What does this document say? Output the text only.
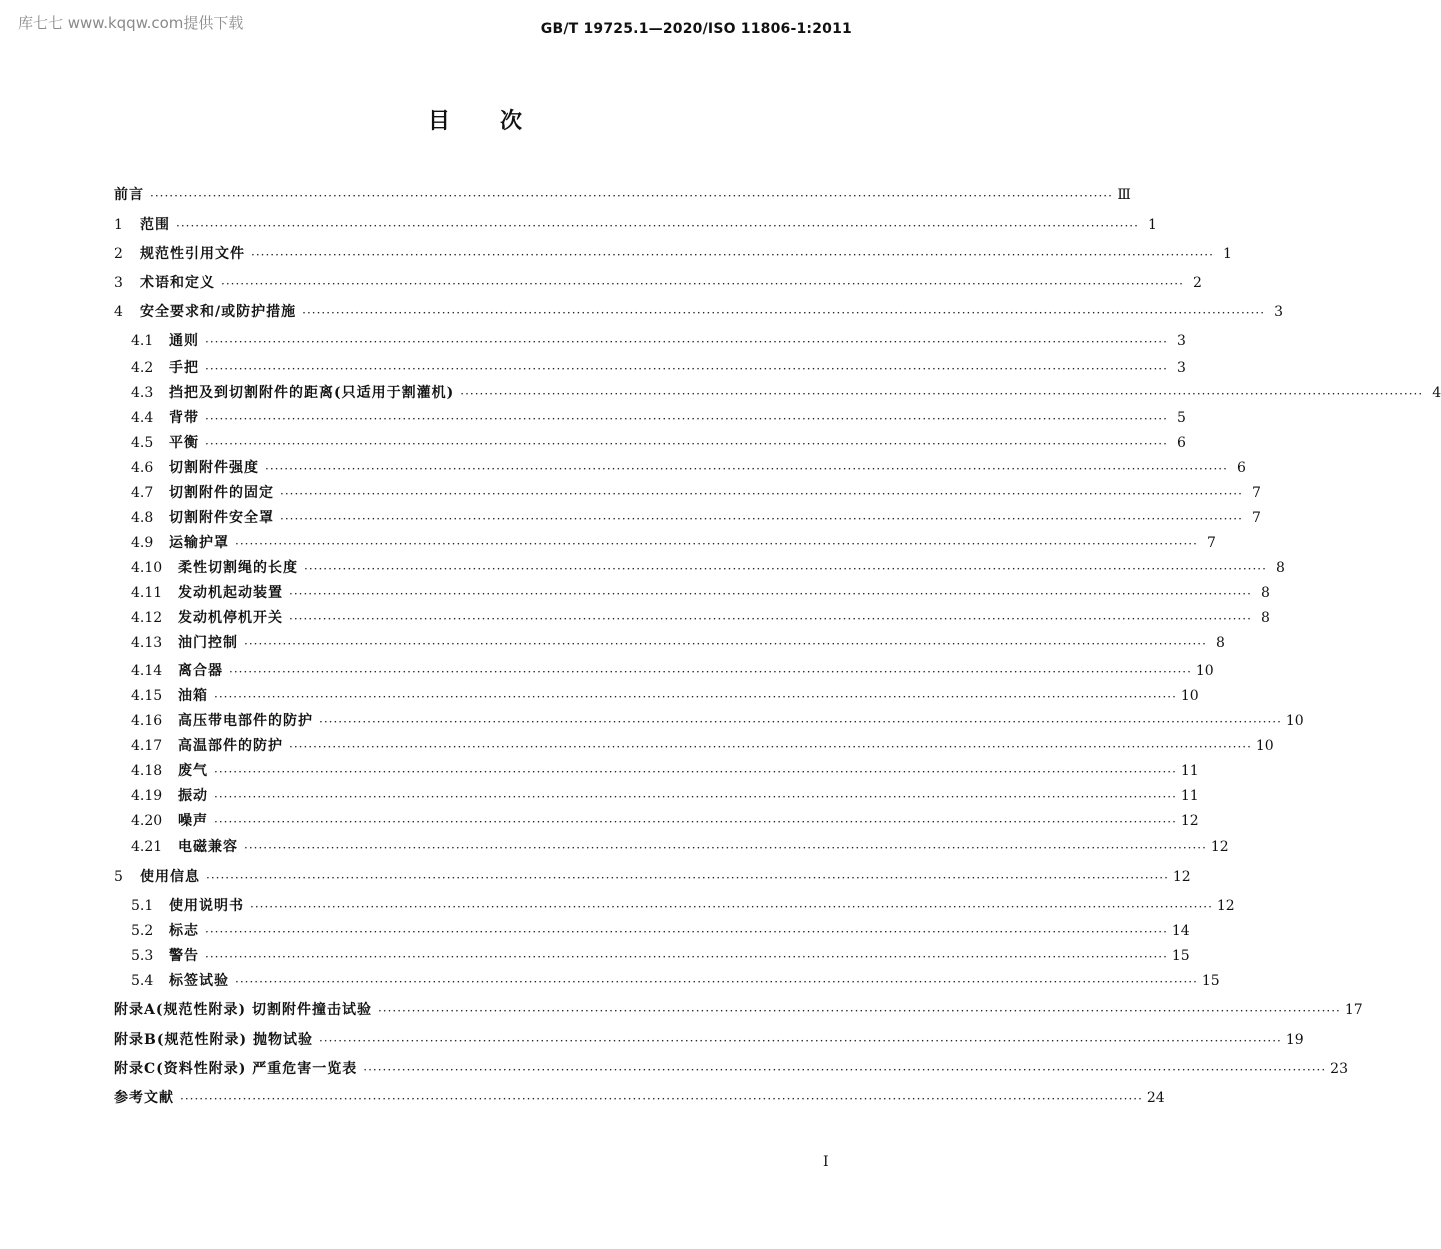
库七七 www.kqqw.com提供下载	GB/T 19725.1—2020/ISO 11806-1:2011
目次
前言 ········································································································································································································ Ⅲ
1	范围 ········································································································································································································ 1
2	规范性引用文件 ········································································································································································································ 1
3	术语和定义 ········································································································································································································ 2
4	安全要求和/或防护措施 ········································································································································································································ 3
4.1	通则 ········································································································································································································ 3
4.2	手把 ········································································································································································································ 3
4.3	挡把及到切割附件的距离(只适用于割灌机) ········································································································································································································ 4
4.4	背带 ········································································································································································································ 5
4.5	平衡 ········································································································································································································ 6
4.6	切割附件强度 ········································································································································································································ 6
4.7	切割附件的固定 ········································································································································································································ 7
4.8	切割附件安全罩 ········································································································································································································ 7
4.9	运输护罩 ········································································································································································································ 7
4.10	柔性切割绳的长度 ········································································································································································································ 8
4.11	发动机起动装置 ········································································································································································································ 8
4.12	发动机停机开关 ········································································································································································································ 8
4.13	油门控制 ········································································································································································································ 8
4.14	离合器 ········································································································································································································ 10
4.15	油箱 ········································································································································································································ 10
4.16	高压带电部件的防护 ········································································································································································································ 10
4.17	高温部件的防护 ········································································································································································································ 10
4.18	废气 ········································································································································································································ 11
4.19	振动 ········································································································································································································ 11
4.20	噪声 ········································································································································································································ 12
4.21	电磁兼容 ········································································································································································································ 12
5	使用信息 ········································································································································································································ 12
5.1	使用说明书 ········································································································································································································ 12
5.2	标志 ········································································································································································································ 14
5.3	警告 ········································································································································································································ 15
5.4	标签试验 ········································································································································································································ 15
附录A(规范性附录) 切割附件撞击试验 ········································································································································································································ 17
附录B(规范性附录) 抛物试验 ········································································································································································································ 19
附录C(资料性附录) 严重危害一览表 ········································································································································································································ 23
参考文献 ········································································································································································································ 24
I
